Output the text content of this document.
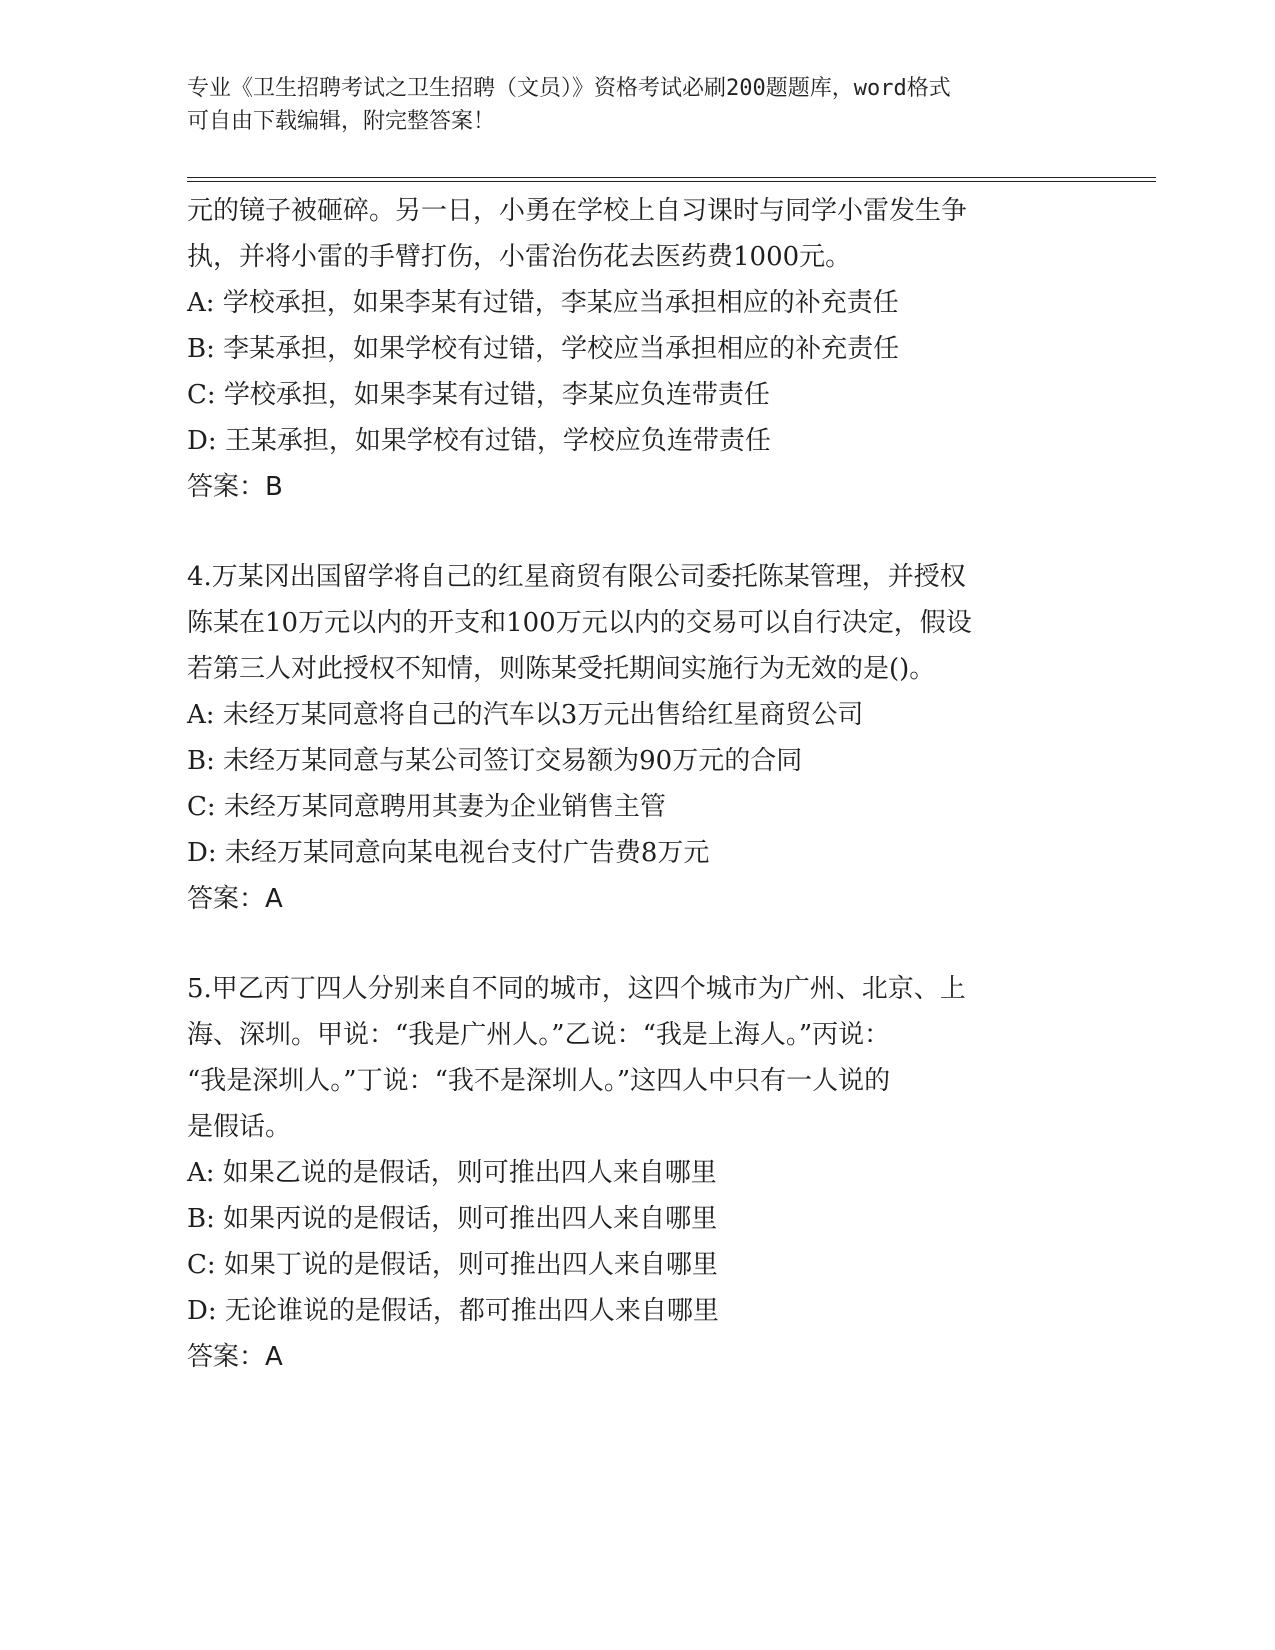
专业《卫生招聘考试之卫生招聘（文员）》资格考试必刷200题题库，word格式
可自由下载编辑，附完整答案！
元的镜子被砸碎。另一日，小勇在学校上自习课时与同学小雷发生争
执，并将小雷的手臂打伤，小雷治伤花去医药费1000元。
A: 学校承担，如果李某有过错，李某应当承担相应的补充责任
B: 李某承担，如果学校有过错，学校应当承担相应的补充责任
C: 学校承担，如果李某有过错，李某应负连带责任
D: 王某承担，如果学校有过错，学校应负连带责任
答案：B
4.万某冈出国留学将自己的红星商贸有限公司委托陈某管理，并授权
陈某在10万元以内的开支和100万元以内的交易可以自行决定，假设
若第三人对此授权不知情，则陈某受托期间实施行为无效的是()。
A: 未经万某同意将自己的汽车以3万元出售给红星商贸公司
B: 未经万某同意与某公司签订交易额为90万元的合同
C: 未经万某同意聘用其妻为企业销售主管
D: 未经万某同意向某电视台支付广告费8万元
答案：A
5.甲乙丙丁四人分别来自不同的城市，这四个城市为广州、北京、上
海、深圳。甲说：“我是广州人。”乙说：“我是上海人。”丙说：
“我是深圳人。”丁说：“我不是深圳人。”这四人中只有一人说的
是假话。
A: 如果乙说的是假话，则可推出四人来自哪里
B: 如果丙说的是假话，则可推出四人来自哪里
C: 如果丁说的是假话，则可推出四人来自哪里
D: 无论谁说的是假话，都可推出四人来自哪里
答案：A
